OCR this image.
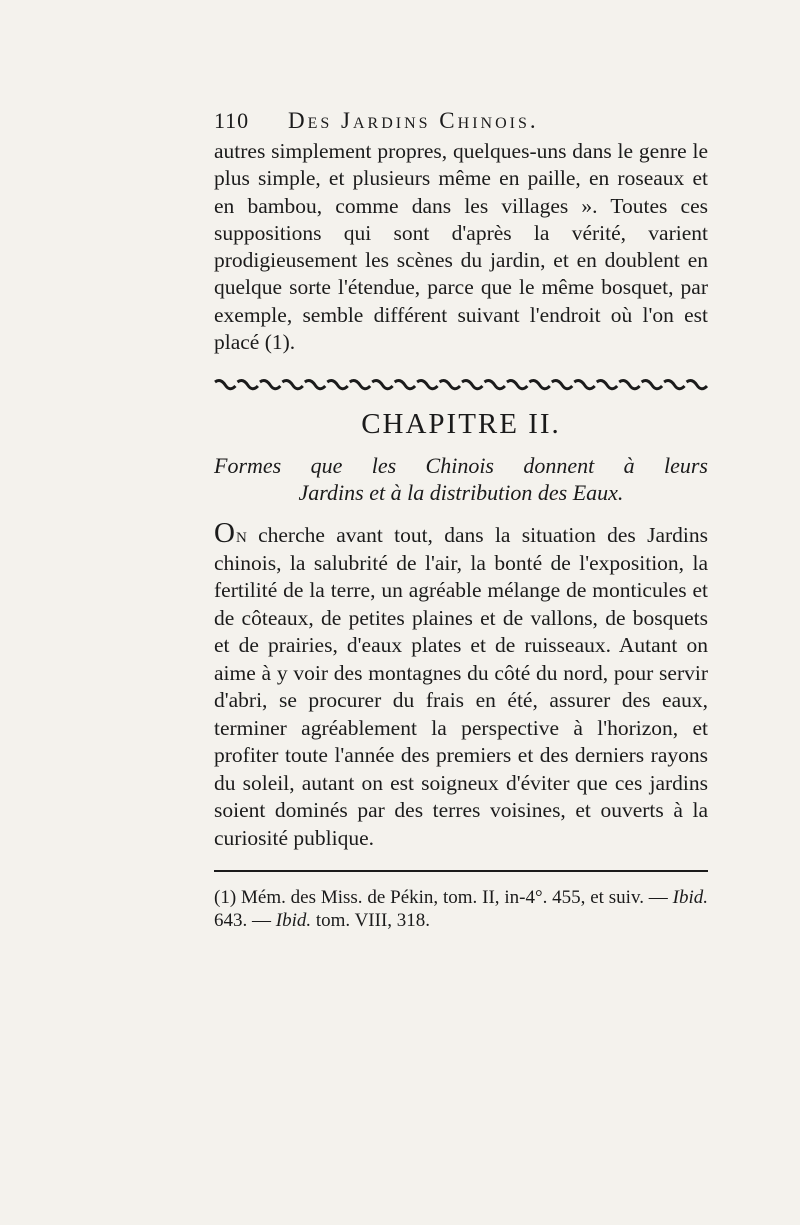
110	Des Jardins Chinois.

autres simplement propres, quelques-uns dans le genre le plus simple, et plusieurs même en paille, en roseaux et en bambou, comme dans les villages ». Toutes ces suppositions qui sont d'après la vérité, varient prodigieusement les scènes du jardin, et en doublent en quelque sorte l'étendue, parce que le même bosquet, par exemple, semble différent suivant l'endroit où l'on est placé (1).

CHAPITRE II.
Formes que les Chinois donnent à leurs
Jardins et à la distribution des Eaux.
On cherche avant tout, dans la situation des Jardins chinois, la salubrité de l'air, la bonté de l'exposition, la fertilité de la terre, un agréable mélange de monticules et de côteaux, de petites plaines et de vallons, de bosquets et de prairies, d'eaux plates et de ruisseaux. Autant on aime à y voir des montagnes du côté du nord, pour servir d'abri, se procurer du frais en été, assurer des eaux, terminer agréablement la perspective à l'horizon, et profiter toute l'année des premiers et des derniers rayons du soleil, autant on est soigneux d'éviter que ces jardins soient dominés par des terres voisines, et ouverts à la curiosité publique.
(1) Mém. des Miss. de Pékin, tom. II, in-4°. 455, et suiv. — Ibid. 643. — Ibid. tom. VIII, 318.
